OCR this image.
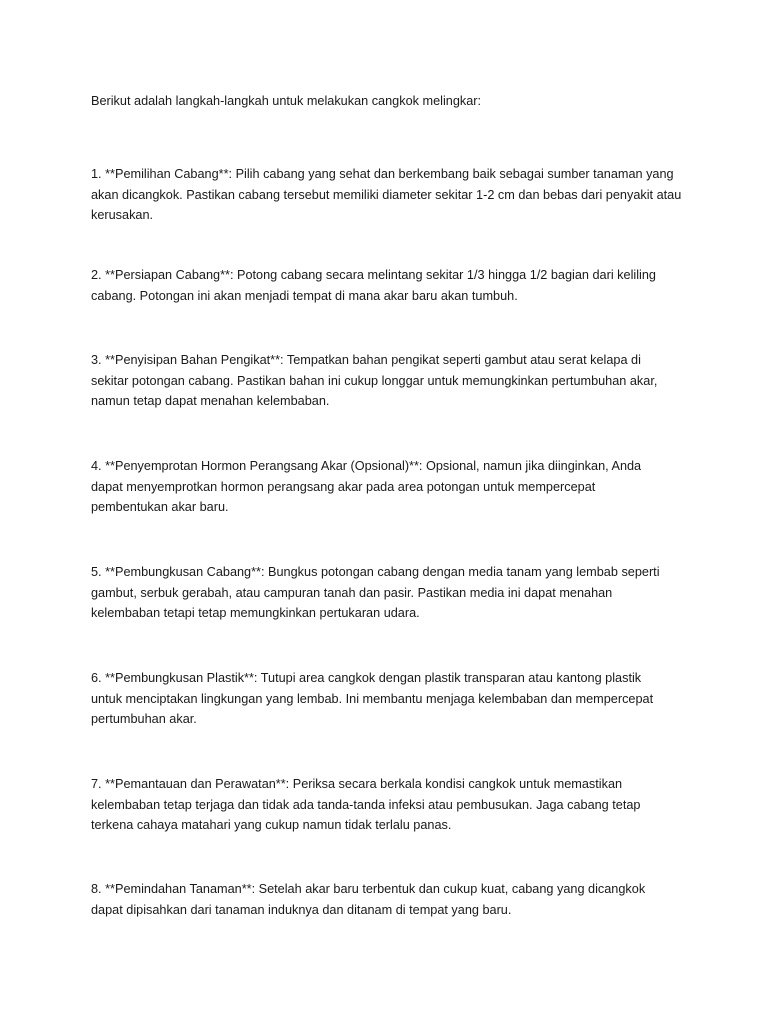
Berikut adalah langkah-langkah untuk melakukan cangkok melingkar:

1. **Pemilihan Cabang**: Pilih cabang yang sehat dan berkembang baik sebagai sumber tanaman yang
akan dicangkok. Pastikan cabang tersebut memiliki diameter sekitar 1-2 cm dan bebas dari penyakit atau
kerusakan.
2. **Persiapan Cabang**: Potong cabang secara melintang sekitar 1/3 hingga 1/2 bagian dari keliling
cabang. Potongan ini akan menjadi tempat di mana akar baru akan tumbuh.
3. **Penyisipan Bahan Pengikat**: Tempatkan bahan pengikat seperti gambut atau serat kelapa di
sekitar potongan cabang. Pastikan bahan ini cukup longgar untuk memungkinkan pertumbuhan akar,
namun tetap dapat menahan kelembaban.
4. **Penyemprotan Hormon Perangsang Akar (Opsional)**: Opsional, namun jika diinginkan, Anda
dapat menyemprotkan hormon perangsang akar pada area potongan untuk mempercepat
pembentukan akar baru.
5. **Pembungkusan Cabang**: Bungkus potongan cabang dengan media tanam yang lembab seperti
gambut, serbuk gerabah, atau campuran tanah dan pasir. Pastikan media ini dapat menahan
kelembaban tetapi tetap memungkinkan pertukaran udara.
6. **Pembungkusan Plastik**: Tutupi area cangkok dengan plastik transparan atau kantong plastik
untuk menciptakan lingkungan yang lembab. Ini membantu menjaga kelembaban dan mempercepat
pertumbuhan akar.
7. **Pemantauan dan Perawatan**: Periksa secara berkala kondisi cangkok untuk memastikan
kelembaban tetap terjaga dan tidak ada tanda-tanda infeksi atau pembusukan. Jaga cabang tetap
terkena cahaya matahari yang cukup namun tidak terlalu panas.
8. **Pemindahan Tanaman**: Setelah akar baru terbentuk dan cukup kuat, cabang yang dicangkok
dapat dipisahkan dari tanaman induknya dan ditanam di tempat yang baru.
